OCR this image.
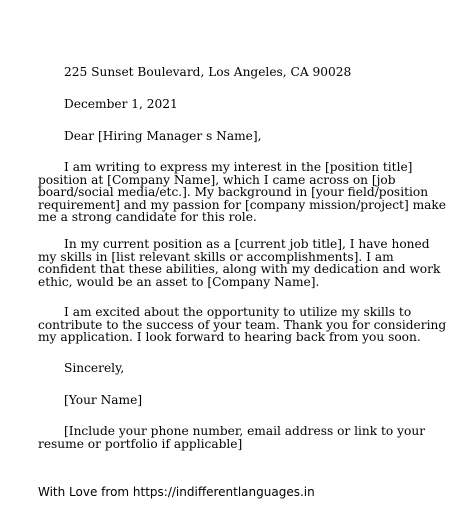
225 Sunset Boulevard, Los Angeles, CA 90028
December 1, 2021
Dear [Hiring Manager s Name],

I am writing to express my interest in the [position title] position at [Company Name], which I came across on [job board/social media/etc.]. My background in [your field/position requirement] and my passion for [company mission/project] make me a strong candidate for this role.

In my current position as a [current job title], I have honed my skills in [list relevant skills or accomplishments]. I am confident that these abilities, along with my dedication and work ethic, would be an asset to [Company Name].

I am excited about the opportunity to utilize my skills to contribute to the success of your team. Thank you for considering my application. I look forward to hearing back from you soon.

Sincerely,
[Your Name]

[Include your phone number, email address or link to your resume or portfolio if applicable]

With Love from https://indifferentlanguages.in
